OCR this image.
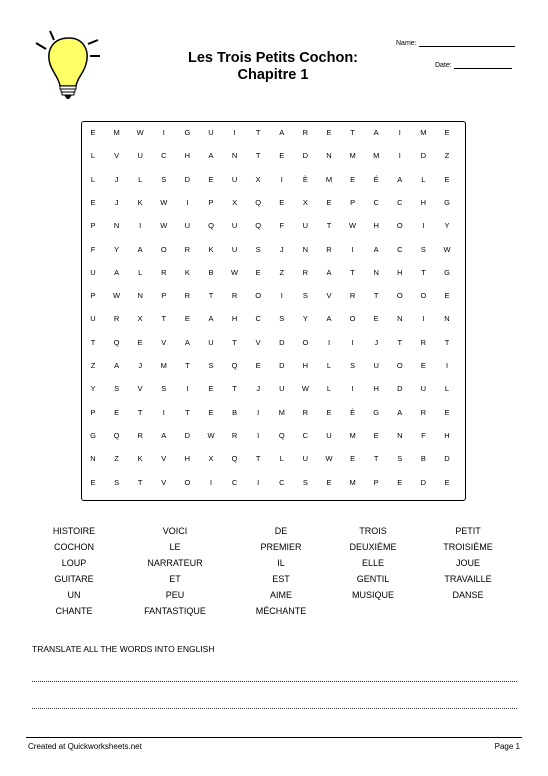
Les Trois Petits Cochon:
Chapitre 1
Name:
Date:
E	M	W	I	G	U	I	T	A	R	E	T	A	I	M	E
L	V	U	C	H	A	N	T	E	D	N	M	M	I	D	Z
L	J	L	S	D	E	U	X	I	È	M	E	É	A	L	E
E	J	K	W	I	P	X	Q	E	X	E	P	C	C	H	G
P	N	I	W	U	Q	U	Q	F	U	T	W	H	O	I	Y
F	Y	A	O	R	K	U	S	J	N	R	I	A	C	S	W
U	A	L	R	K	B	W	E	Z	R	A	T	N	H	T	G
P	W	N	P	R	T	R	O	I	S	V	R	T	O	O	E
U	R	X	T	E	A	H	C	S	Y	A	O	E	N	I	N
T	Q	E	V	A	U	T	V	D	O	I	I	J	T	R	T
Z	A	J	M	T	S	Q	E	D	H	L	S	U	O	E	I
Y	S	V	S	I	E	T	J	U	W	L	I	H	D	U	L
P	E	T	I	T	E	B	I	M	R	E	È	G	A	R	E
G	Q	R	A	D	W	R	I	Q	C	U	M	E	N	F	H
N	Z	K	V	H	X	Q	T	L	U	W	E	T	S	B	D
E	S	T	V	O	I	C	I	C	S	E	M	P	E	D	E
HISTOIRE	VOICI	DE	TROIS	PETIT
COCHON	LE	PREMIER	DEUXIÈME	TROISIÈME
LOUP	NARRATEUR	IL	ELLE	JOUE
GUITARE	ET	EST	GENTIL	TRAVAILLE
UN	PEU	AIME	MUSIQUE	DANSE
CHANTE	FANTASTIQUE	MÉCHANTE
TRANSLATE ALL THE WORDS INTO ENGLISH
Created at Quickworksheets.net	Page 1
